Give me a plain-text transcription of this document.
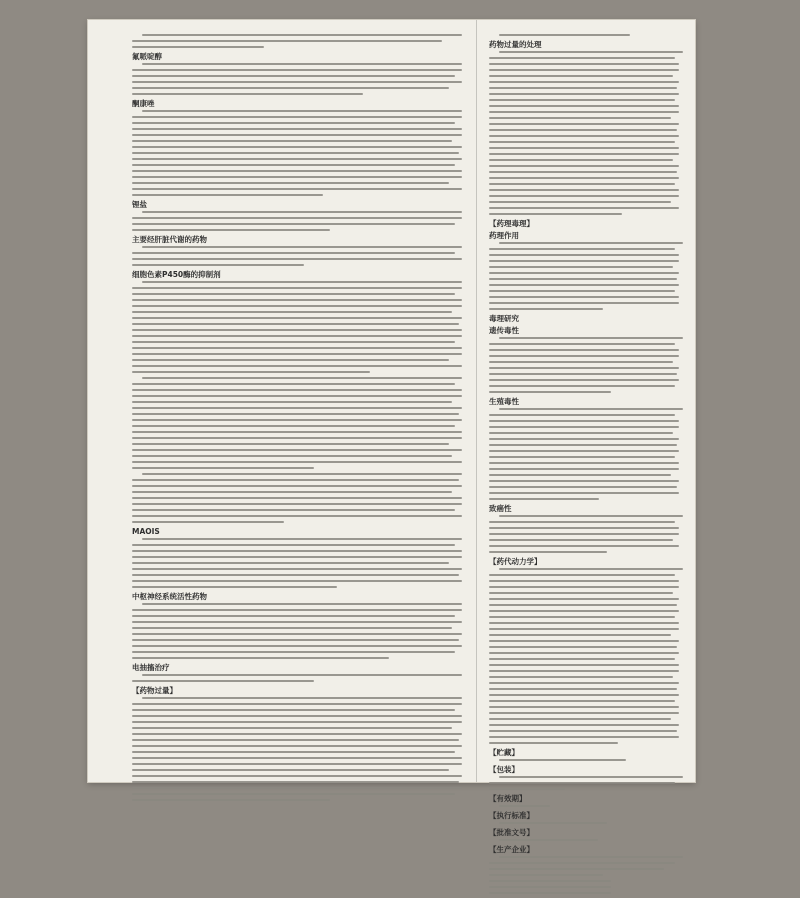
氟哌啶醇
酮康唑
锂盐
主要经肝脏代谢的药物
细胞色素P450酶的抑制剂
MAOIS
中枢神经系统活性药物
电抽搐治疗
【药物过量】
药物过量的处理
【药理毒理】
药理作用
毒理研究
遗传毒性
生殖毒性
致癌性
【药代动力学】
【贮藏】
【包装】
【有效期】
【执行标准】
【批准文号】
【生产企业】
